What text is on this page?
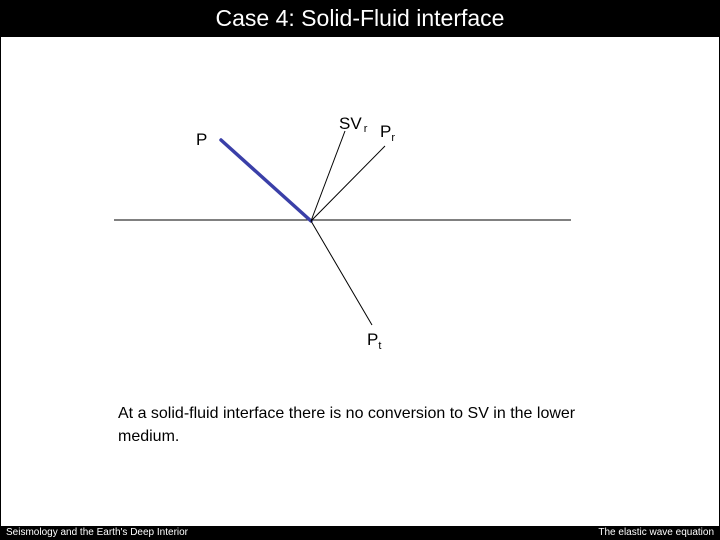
Case 4: Solid-Fluid interface
P
SV r $P_r$
$P_t$
At a solid-fluid interface there is no conversion to SV in the lower medium.
Seismology and the Earth's Deep Interior	The elastic wave equation
